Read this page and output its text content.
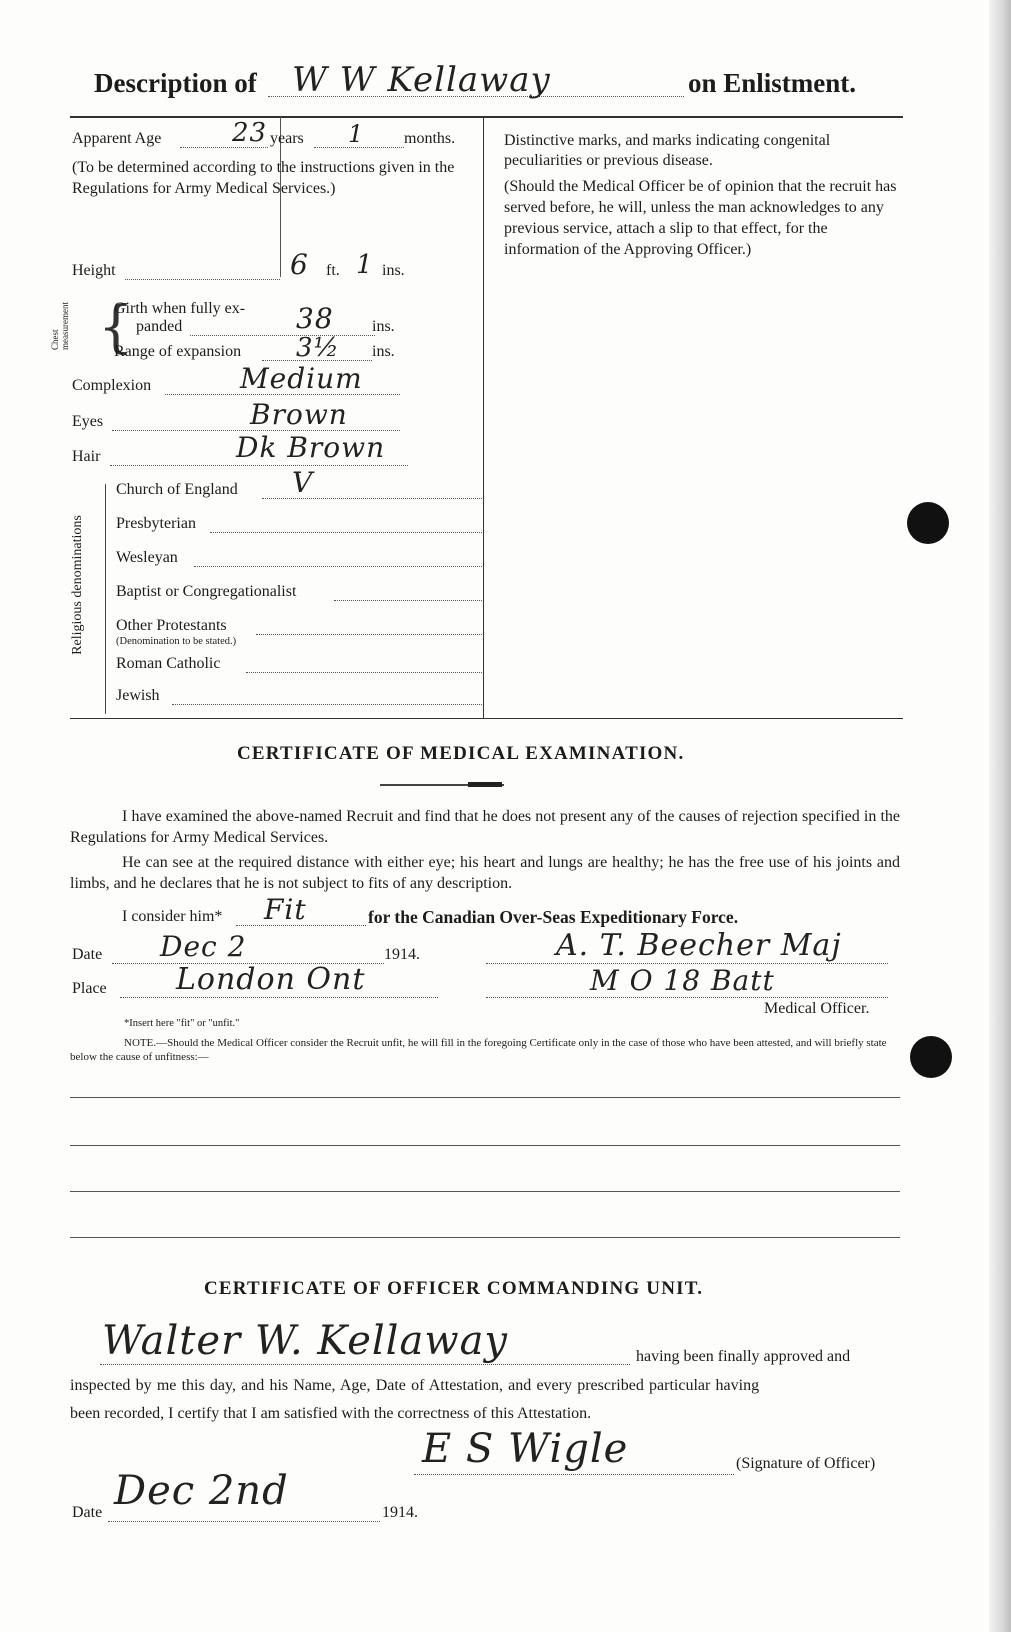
Description of W W Kellaway	on Enlistment.
Apparent Age	23 years 1 months.
(To be determined according to the instructions given in the Regulations for Army Medical Services.)
Height	6 ft. 1 ins.
Chest measurement {
Girth when fully ex-
panded	38 ins.
Range of expansion 3½ ins.
Complexion	Medium
Eyes	Brown
Hair	Dk Brown
Religious denominations
Church of England V
Presbyterian
Wesleyan
Baptist or Congregationalist
Other Protestants
(Denomination to be stated.)
Roman Catholic
Jewish
Distinctive marks, and marks indicating congenital peculiarities or previous disease.
(Should the Medical Officer be of opinion that the recruit has served before, he will, unless the man acknowledges to any previous service, attach a slip to that effect, for the information of the Approving Officer.)
CERTIFICATE OF MEDICAL EXAMINATION.
I have examined the above-named Recruit and find that he does not present any of the causes of rejection specified in the Regulations for Army Medical Services.
He can see at the required distance with either eye; his heart and lungs are healthy; he has the free use of his joints and limbs, and he declares that he is not subject to fits of any description.
I consider him* Fit	for the Canadian Over-Seas Expeditionary Force.
Date Dec 2	1914.	A. T. Beecher Maj
Place London Ont	M O 18 Batt
Medical Officer.
*Insert here "fit" or "unfit."
NOTE.—Should the Medical Officer consider the Recruit unfit, he will fill in the foregoing Certificate only in the case of those who have been attested, and will briefly state below the cause of unfitness:—
CERTIFICATE OF OFFICER COMMANDING UNIT.
Walter W. Kellaway	having been finally approved and
inspected by me this day, and his Name, Age, Date of Attestation, and every prescribed particular having
been recorded, I certify that I am satisfied with the correctness of this Attestation.
E S Wigle	(Signature of Officer)
Date Dec 2nd	1914.
